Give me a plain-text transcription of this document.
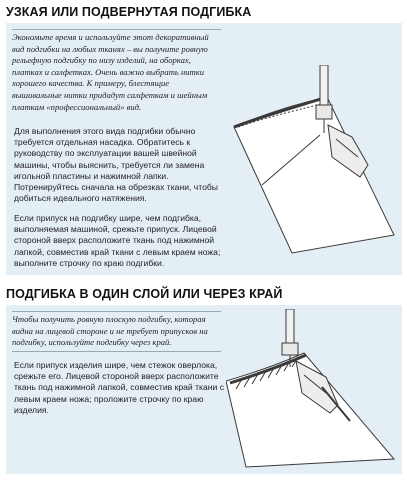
УЗКАЯ ИЛИ ПОДВЕРНУТАЯ ПОДГИБКА
Экономьте время и используйте этот декоративный вид подгибки на любых тканях – вы получите ровную рельефную подгибку по низу изделий, на оборках, платках и салфетках. Очень важно выбрать нитки хорошего качества. К примеру, блестящие вышивальные нитки придадут салфеткам и шейным платкам «профессиональный» вид.

Для выполнения этого вида подгибки обычно требуется отдельная насадка. Обратитесь к руководству по эксплуатации вашей швейной машины, чтобы выяснить, требуется ли замена игольной пластины и нажимной лапки. Потренируйтесь сначала на обрезках ткани, чтобы добиться идеального натяжения.

Если припуск на подгибку шире, чем подгибка, выполняемая машиной, срежьте припуск. Лицевой стороной вверх расположите ткань под нажимной лапкой, совместив край ткани с левым краем ножа; выполните строчку по краю подгибки.

ПОДГИБКА В ОДИН СЛОЙ ИЛИ ЧЕРЕЗ КРАЙ
Чтобы получить ровную плоскую подгибку, которая видна на лицевой стороне и не требует припусков на подгибку, используйте подгибку через край.

Если припуск изделия шире, чем стежок оверлока, срежьте его. Лицевой стороной вверх расположите ткань под нажимной лапкой, совместив край ткани с левым краем ножа; проложите строчку по краю изделия.
